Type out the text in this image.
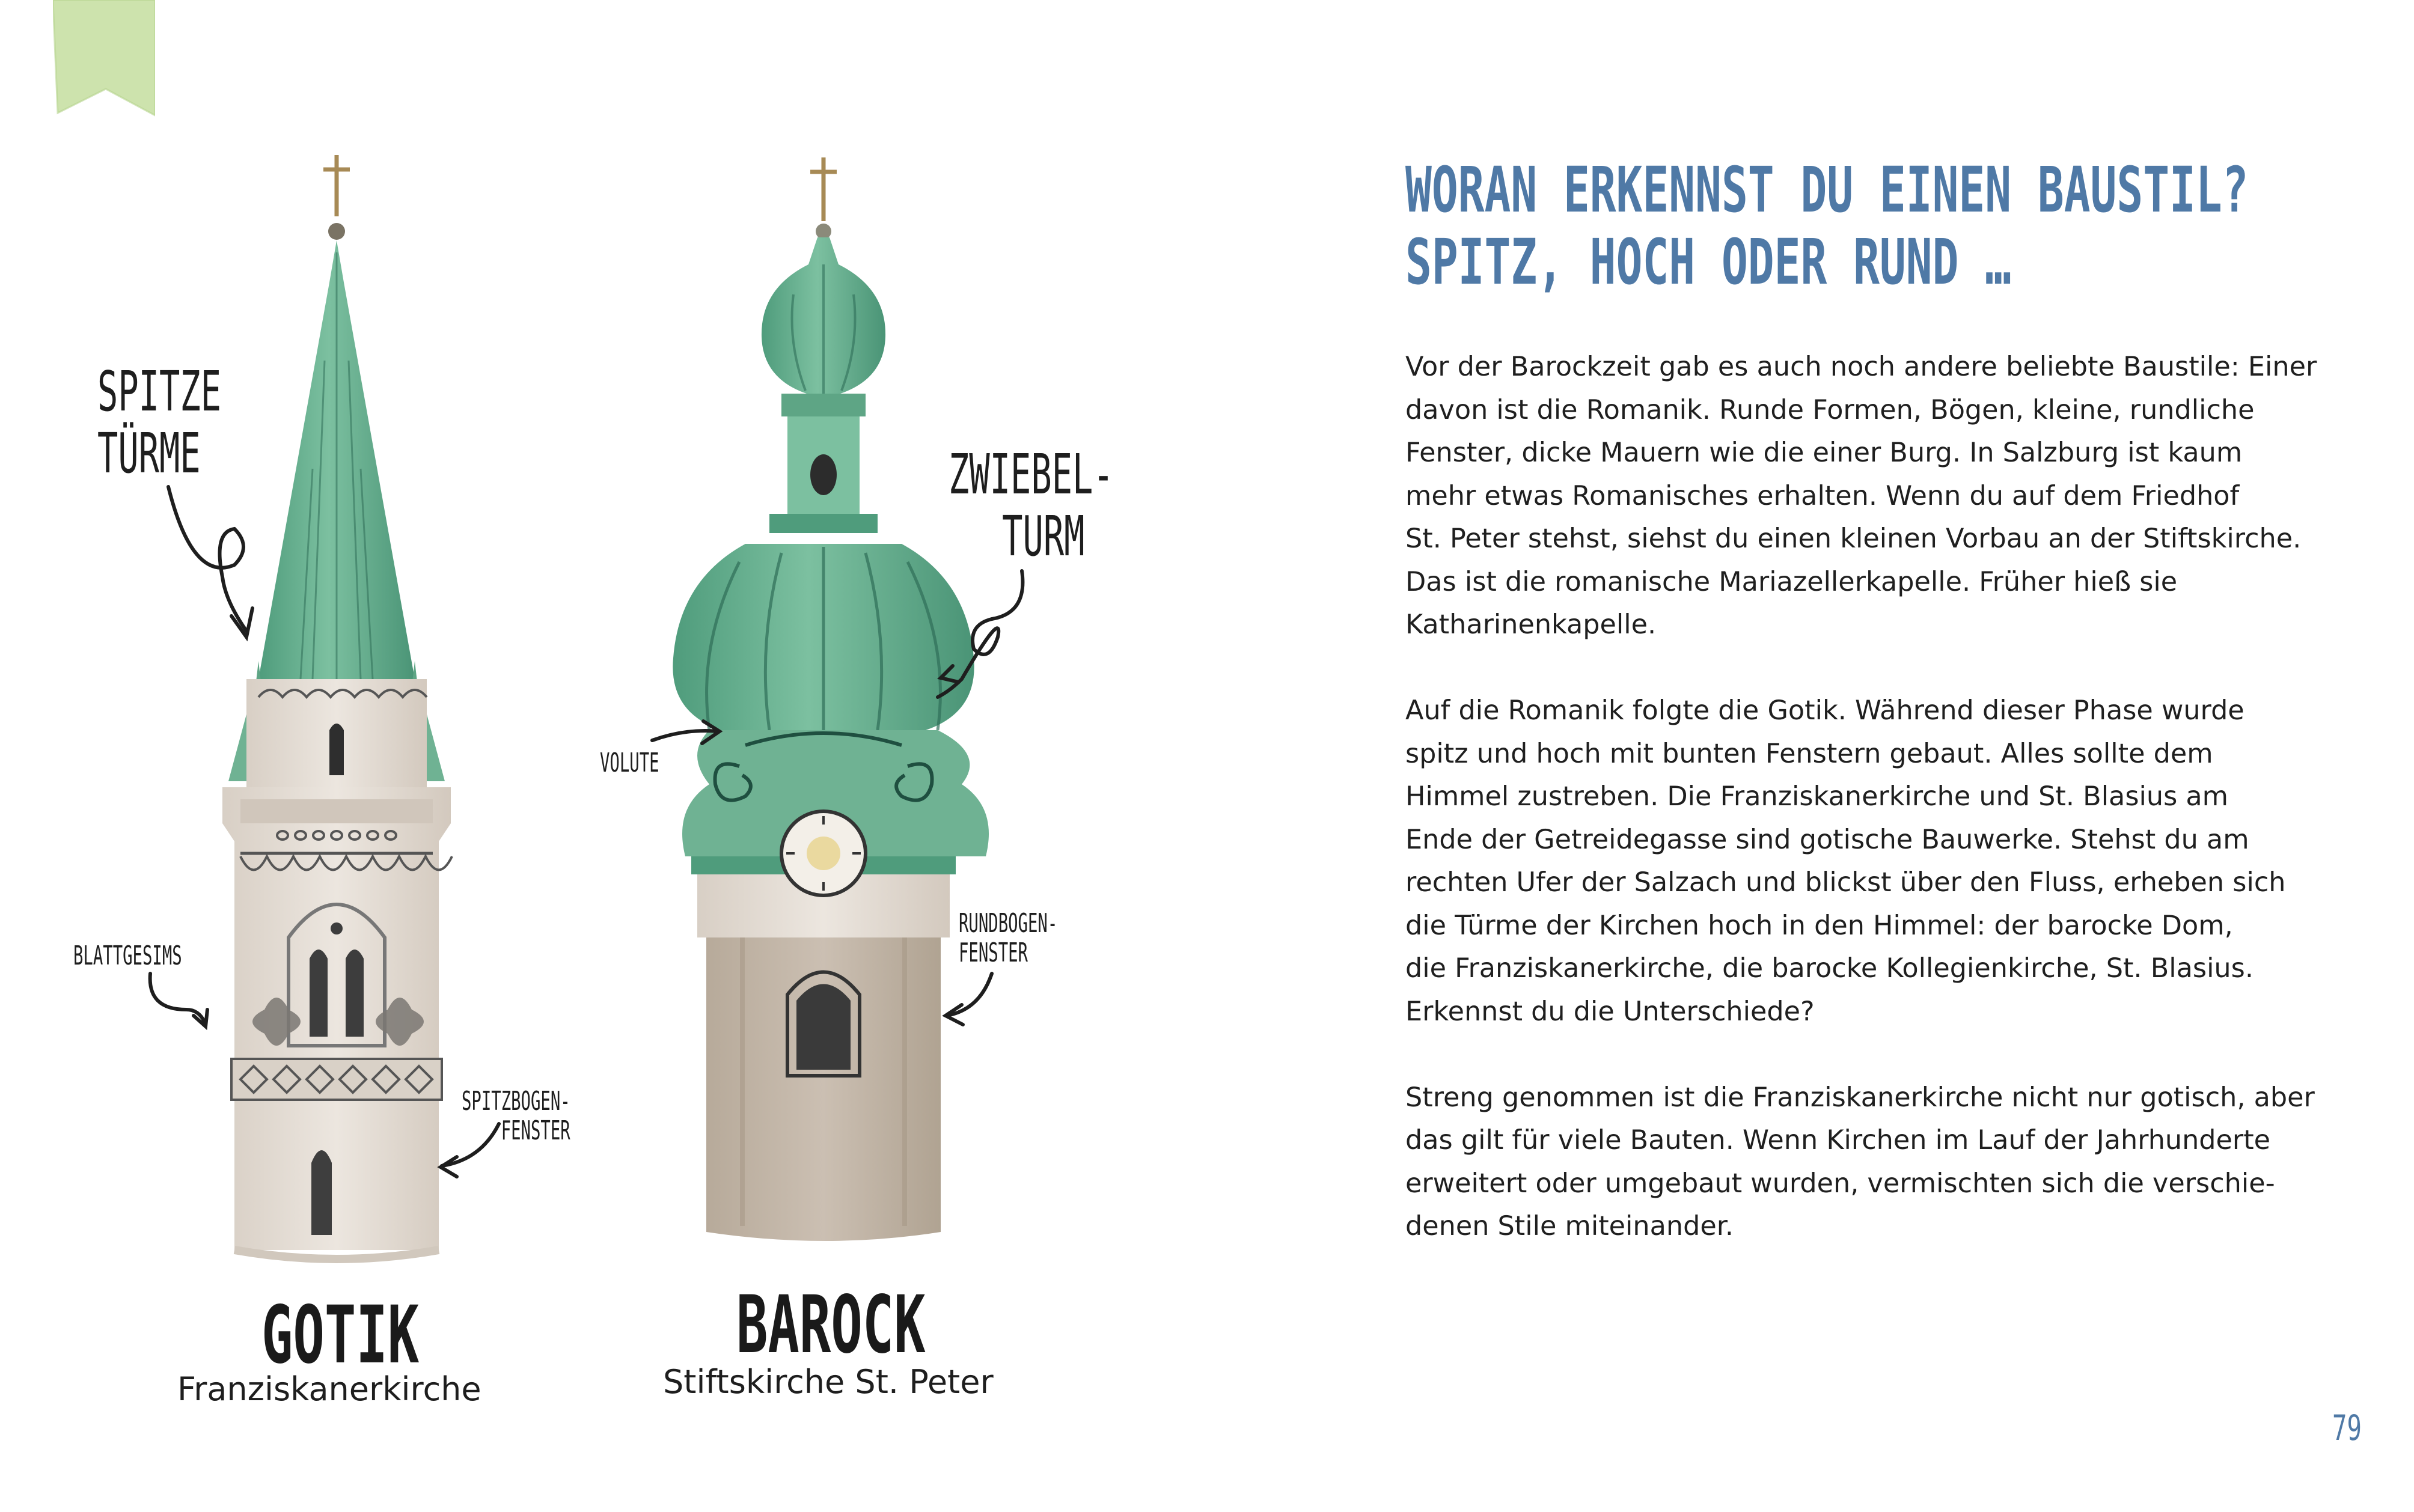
SPITZE
TÜRME	ZWIEBEL-
TURM
VOLUTE
BLATTGESIMS
SPITZBOGEN-
FENSTER
RUNDBOGEN-
FENSTER
GOTIK
Franziskanerkirche
BAROCK
Stiftskirche St. Peter
WORAN ERKENNST DU EINEN BAUSTIL?
SPITZ, HOCH ODER RUND …

Vor der Barockzeit gab es auch noch andere beliebte Baustile: Einer
davon ist die Romanik. Runde Formen, Bögen, kleine, rundliche
Fenster, dicke Mauern wie die einer Burg. In Salzburg ist kaum
mehr etwas Romanisches erhalten. Wenn du auf dem Friedhof
St. Peter stehst, siehst du einen kleinen Vorbau an der Stiftskirche.
Das ist die romanische Mariazellerkapelle. Früher hieß sie
Katharinenkapelle.

Auf die Romanik folgte die Gotik. Während dieser Phase wurde
spitz und hoch mit bunten Fenstern gebaut. Alles sollte dem
Himmel zustreben. Die Franziskanerkirche und St. Blasius am
Ende der Getreidegasse sind gotische Bauwerke. Stehst du am
rechten Ufer der Salzach und blickst über den Fluss, erheben sich
die Türme der Kirchen hoch in den Himmel: der barocke Dom,
die Franziskanerkirche, die barocke Kollegienkirche, St. Blasius.
Erkennst du die Unterschiede?

Streng genommen ist die Franziskanerkirche nicht nur gotisch, aber
das gilt für viele Bauten. Wenn Kirchen im Lauf der Jahrhunderte
erweitert oder umgebaut wurden, vermischten sich die verschie-
denen Stile miteinander.

79
